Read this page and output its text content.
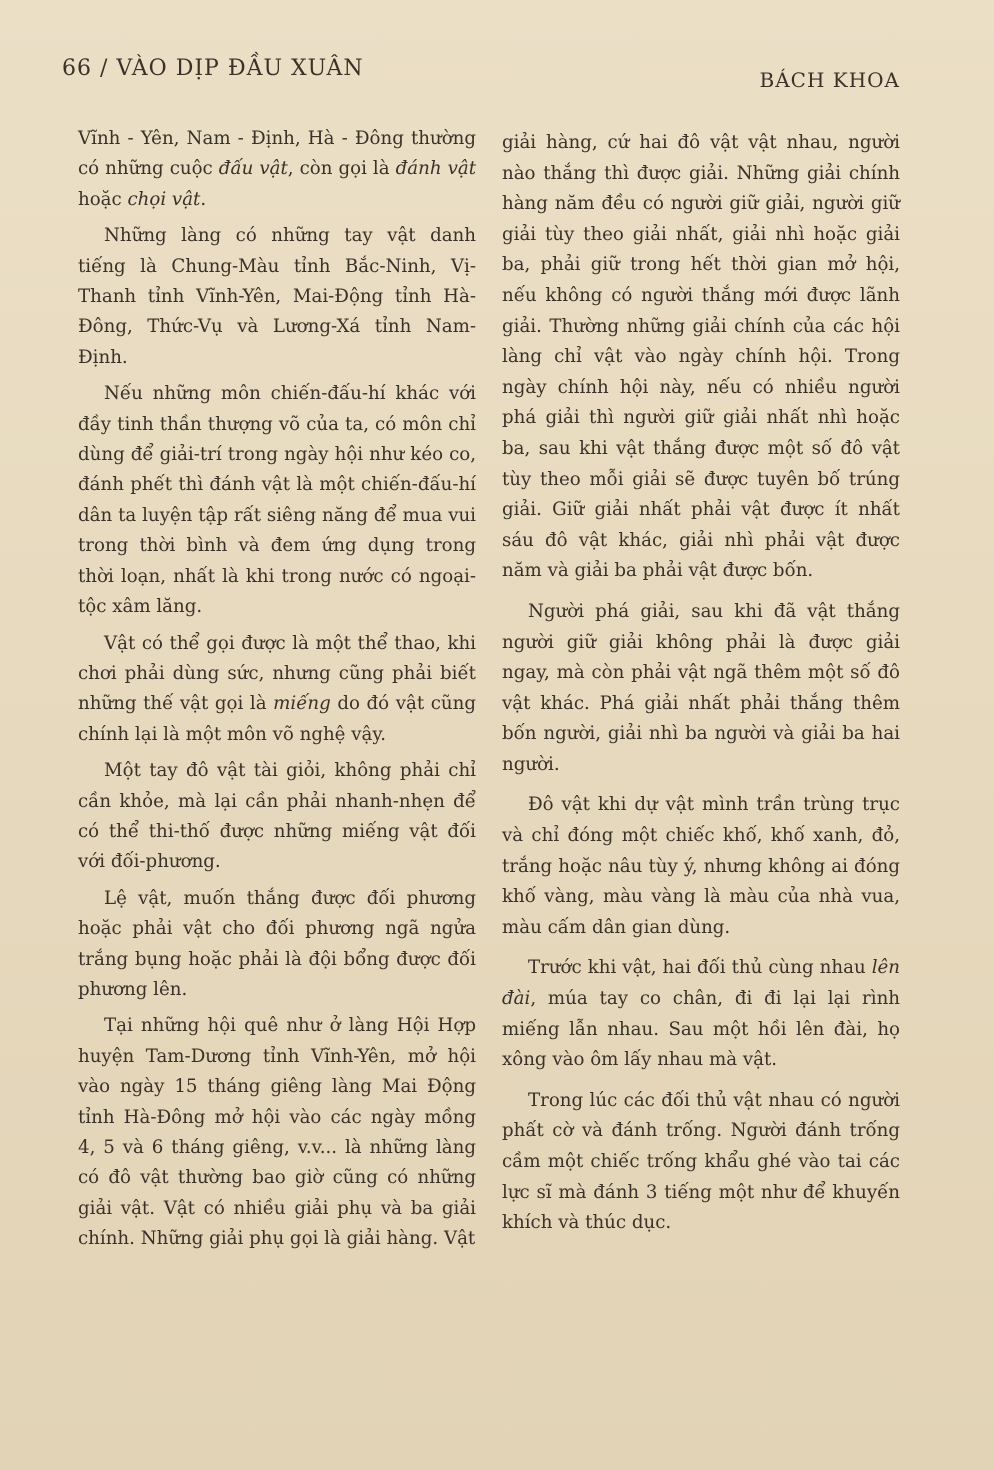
66 / VÀO DỊP ĐẦU XUÂN	BÁCH KHOA

Vĩnh - Yên, Nam - Định, Hà - Đông thường có những cuộc đấu vật, còn gọi là đánh vật hoặc chọi vật.

Những làng có những tay vật danh tiếng là Chung-Màu tỉnh Bắc-Ninh, Vị-Thanh tỉnh Vĩnh-Yên, Mai-Động tỉnh Hà-Đông, Thức-Vụ và Lương-Xá tỉnh Nam-Định.

Nếu những môn chiến-đấu-hí khác với đầy tinh thần thượng võ của ta, có môn chỉ dùng để giải-trí trong ngày hội như kéo co, đánh phết thì đánh vật là một chiến-đấu-hí dân ta luyện tập rất siêng năng để mua vui trong thời bình và đem ứng dụng trong thời loạn, nhất là khi trong nước có ngoại-tộc xâm lăng.

Vật có thể gọi được là một thể thao, khi chơi phải dùng sức, nhưng cũng phải biết những thế vật gọi là miếng do đó vật cũng chính lại là một môn võ nghệ vậy.

Một tay đô vật tài giỏi, không phải chỉ cần khỏe, mà lại cần phải nhanh-nhẹn để có thể thi-thố được những miếng vật đối với đối-phương.

Lệ vật, muốn thắng được đối phương hoặc phải vật cho đối phương ngã ngửa trắng bụng hoặc phải là đội bổng được đối phương lên.

Tại những hội quê như ở làng Hội Hợp huyện Tam-Dương tỉnh Vĩnh-Yên, mở hội vào ngày 15 tháng giêng làng Mai Động tỉnh Hà-Đông mở hội vào các ngày mồng 4, 5 và 6 tháng giêng, v.v... là những làng có đô vật thường bao giờ cũng có những giải vật. Vật có nhiều giải phụ và ba giải chính. Những giải phụ gọi là giải hàng. Vật

giải hàng, cứ hai đô vật vật nhau, người nào thắng thì được giải. Những giải chính hàng năm đều có người giữ giải, người giữ giải tùy theo giải nhất, giải nhì hoặc giải ba, phải giữ trong hết thời gian mở hội, nếu không có người thắng mới được lãnh giải. Thường những giải chính của các hội làng chỉ vật vào ngày chính hội. Trong ngày chính hội này, nếu có nhiều người phá giải thì người giữ giải nhất nhì hoặc ba, sau khi vật thắng được một số đô vật tùy theo mỗi giải sẽ được tuyên bố trúng giải. Giữ giải nhất phải vật được ít nhất sáu đô vật khác, giải nhì phải vật được năm và giải ba phải vật được bốn.

Người phá giải, sau khi đã vật thắng người giữ giải không phải là được giải ngay, mà còn phải vật ngã thêm một số đô vật khác. Phá giải nhất phải thắng thêm bốn người, giải nhì ba người và giải ba hai người.

Đô vật khi dự vật mình trần trùng trục và chỉ đóng một chiếc khố, khố xanh, đỏ, trắng hoặc nâu tùy ý, nhưng không ai đóng khố vàng, màu vàng là màu của nhà vua, màu cấm dân gian dùng.

Trước khi vật, hai đối thủ cùng nhau lên đài, múa tay co chân, đi đi lại lại rình miếng lẫn nhau. Sau một hồi lên đài, họ xông vào ôm lấy nhau mà vật.

Trong lúc các đối thủ vật nhau có người phất cờ và đánh trống. Người đánh trống cầm một chiếc trống khẩu ghé vào tai các lực sĩ mà đánh 3 tiếng một như để khuyến khích và thúc dục.
